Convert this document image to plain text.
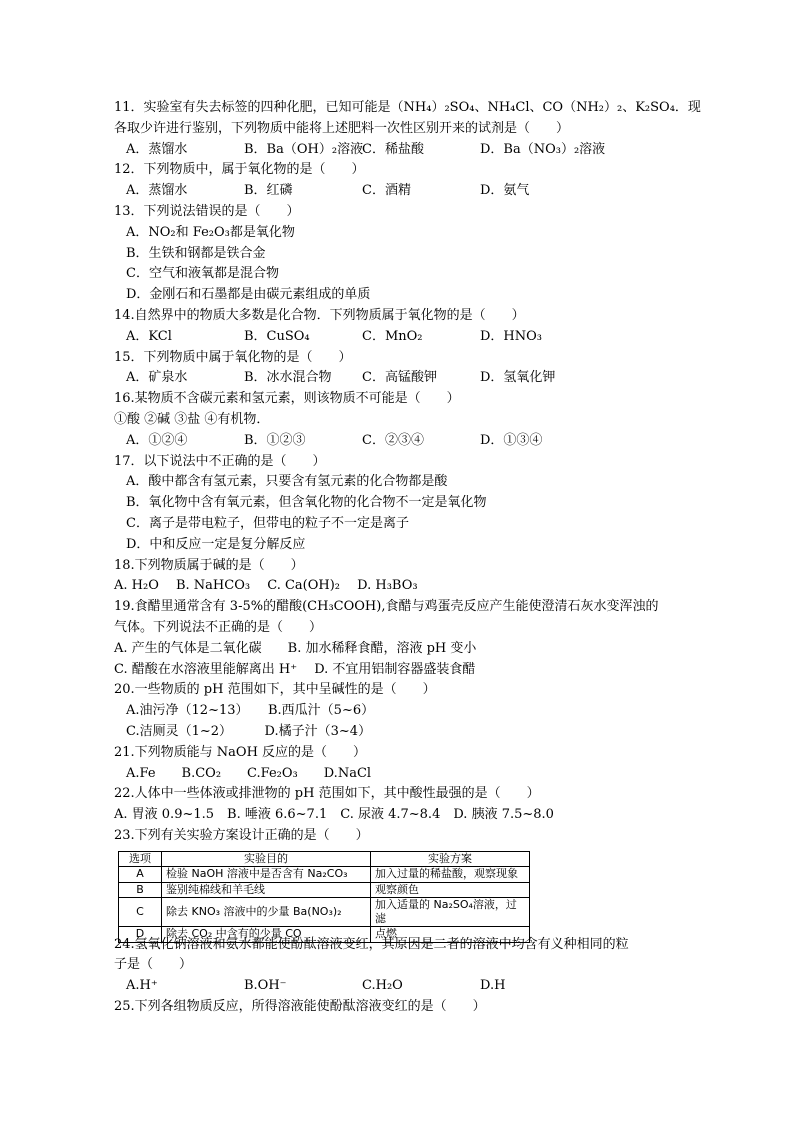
11．实验室有失去标签的四种化肥，已知可能是（NH₄）₂SO₄、NH₄Cl、CO（NH₂）₂、K₂SO₄．现
各取少许进行鉴别，下列物质中能将上述肥料一次性区别开来的试剂是（　　）
A．蒸馏水	B．Ba（OH）₂溶液
C．稀盐酸	D．Ba（NO₃）₂溶液
12．下列物质中，属于氧化物的是（　　）
A．蒸馏水	B．红磷	C．酒精	D．氨气
13．下列说法错误的是（　　）
A．NO₂和 Fe₂O₃都是氧化物
B．生铁和钢都是铁合金
C．空气和液氧都是混合物
D．金刚石和石墨都是由碳元素组成的单质
14.自然界中的物质大多数是化合物．下列物质属于氧化物的是（　　）
A．KCl	B．CuSO₄	C．MnO₂	D．HNO₃
15．下列物质中属于氧化物的是（　　）
A．矿泉水	B．冰水混合物	C．高锰酸钾	D．氢氧化钾
16.某物质不含碳元素和氢元素，则该物质不可能是（　　）
①酸 ②碱 ③盐 ④有机物．
A．①②④	B．①②③	C．②③④	D．①③④
17．以下说法中不正确的是（　　）
A．酸中都含有氢元素，只要含有氢元素的化合物都是酸
B．氧化物中含有氧元素，但含氧化物的化合物不一定是氧化物
C．离子是带电粒子，但带电的粒子不一定是离子
D．中和反应一定是复分解反应
18.下列物质属于碱的是（　　）
A. H₂O　 B. NaHCO₃　 C. Ca(OH)₂　 D. H₃BO₃
19.食醋里通常含有 3-5%的醋酸(CH₃COOH),食醋与鸡蛋壳反应产生能使澄清石灰水变浑浊的
气体。下列说法不正确的是（　　）
A. 产生的气体是二氧化碳　　B. 加水稀释食醋，溶液 pH 变小
C. 醋酸在水溶液里能解离出 H⁺　 D. 不宜用铝制容器盛装食醋
20.一些物质的 pH 范围如下，其中呈碱性的是（　　）
A.油污净（12~13）　　B.西瓜汁（5~6）
C.洁厕灵（1~2）　　　D.橘子汁（3~4）
21.下列物质能与 NaOH 反应的是（　　）
A.Fe　　B.CO₂　　C.Fe₂O₃　　D.NaCl
22.人体中一些体液或排泄物的 pH 范围如下，其中酸性最强的是（　　）
A. 胃液 0.9~1.5　B. 唾液 6.6~7.1　C. 尿液 4.7~8.4　D. 胰液 7.5~8.0
23.下列有关实验方案设计正确的是（　　）
选项	实验目的	实验方案
A	检验 NaOH 溶液中是否含有 Na₂CO₃	加入过量的稀盐酸，观察现象
B	鉴别纯棉线和羊毛线	观察颜色
C	除去 KNO₃ 溶液中的少量 Ba(NO₃)₂	加入适量的 Na₂SO₄溶液，过滤
D	除去 CO₂ 中含有的少量 CO	点燃
24.氢氧化钠溶液和氨水都能使酚酞溶液变红，其原因是二者的溶液中均含有义种相同的粒
子是（　　）
A.H⁺	B.OH⁻	C.H₂O	D.H
25.下列各组物质反应，所得溶液能使酚酞溶液变红的是（　　）
